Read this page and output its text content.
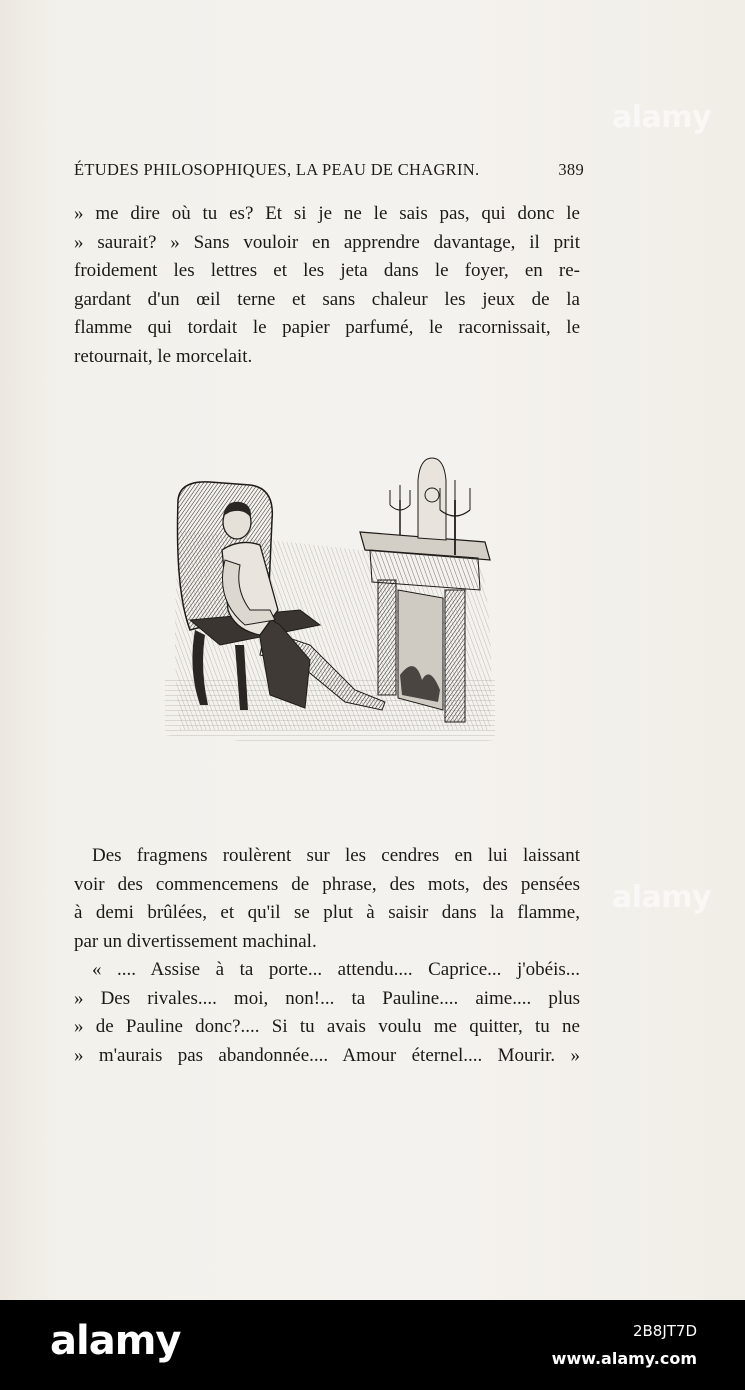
ÉTUDES PHILOSOPHIQUES, LA PEAU DE CHAGRIN.	389
» me dire où tu es? Et si je ne le sais pas, qui donc le
» saurait? » Sans vouloir en apprendre davantage, il prit
froidement les lettres et les jeta dans le foyer, en re-
gardant d'un œil terne et sans chaleur les jeux de la
flamme qui tordait le papier parfumé, le racornissait, le
retournait, le morcelait.
Des fragmens roulèrent sur les cendres en lui laissant
voir des commencemens de phrase, des mots, des pensées
à demi brûlées, et qu'il se plut à saisir dans la flamme,
par un divertissement machinal.
« .... Assise à ta porte... attendu.... Caprice... j'obéis...
» Des rivales.... moi, non!... ta Pauline.... aime.... plus
» de Pauline donc?.... Si tu avais voulu me quitter, tu ne
» m'aurais pas abandonnée.... Amour éternel.... Mourir. »
alamy
alamy
alamy	2B8JT7D
www.alamy.com
